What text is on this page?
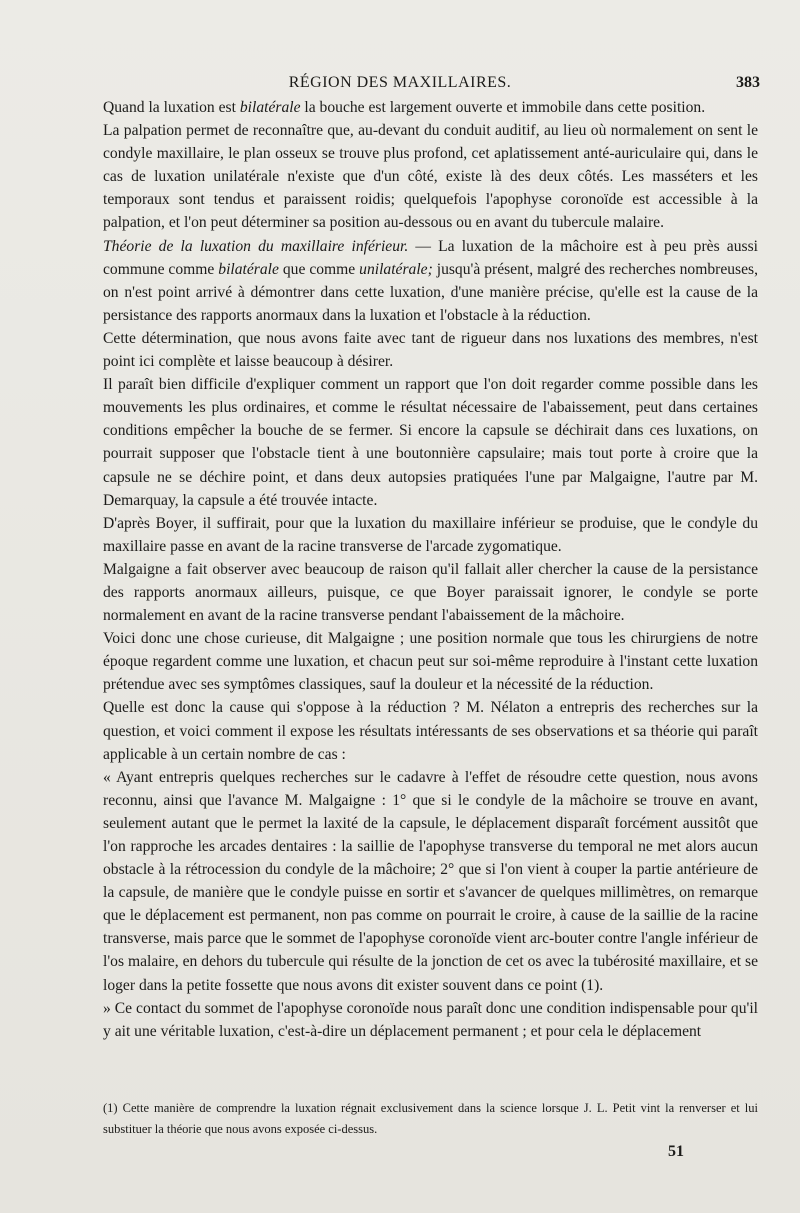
RÉGION DES MAXILLAIRES.	383

Quand la luxation est bilatérale la bouche est largement ouverte et immobile dans cette position.

La palpation permet de reconnaître que, au-devant du conduit auditif, au lieu où normalement on sent le condyle maxillaire, le plan osseux se trouve plus profond, cet aplatissement anté-auriculaire qui, dans le cas de luxation unilatérale n'existe que d'un côté, existe là des deux côtés. Les masséters et les temporaux sont tendus et paraissent roidis; quelquefois l'apophyse coronoïde est accessible à la palpation, et l'on peut déterminer sa position au-dessous ou en avant du tubercule malaire.

Théorie de la luxation du maxillaire inférieur. — La luxation de la mâchoire est à peu près aussi commune comme bilatérale que comme unilatérale; jusqu'à présent, malgré des recherches nombreuses, on n'est point arrivé à démontrer dans cette luxation, d'une manière précise, qu'elle est la cause de la persistance des rapports anormaux dans la luxation et l'obstacle à la réduction.

Cette détermination, que nous avons faite avec tant de rigueur dans nos luxations des membres, n'est point ici complète et laisse beaucoup à désirer.

Il paraît bien difficile d'expliquer comment un rapport que l'on doit regarder comme possible dans les mouvements les plus ordinaires, et comme le résultat nécessaire de l'abaissement, peut dans certaines conditions empêcher la bouche de se fermer. Si encore la capsule se déchirait dans ces luxations, on pourrait supposer que l'obstacle tient à une boutonnière capsulaire; mais tout porte à croire que la capsule ne se déchire point, et dans deux autopsies pratiquées l'une par Malgaigne, l'autre par M. Demarquay, la capsule a été trouvée intacte.

D'après Boyer, il suffirait, pour que la luxation du maxillaire inférieur se produise, que le condyle du maxillaire passe en avant de la racine transverse de l'arcade zygomatique.

Malgaigne a fait observer avec beaucoup de raison qu'il fallait aller chercher la cause de la persistance des rapports anormaux ailleurs, puisque, ce que Boyer paraissait ignorer, le condyle se porte normalement en avant de la racine transverse pendant l'abaissement de la mâchoire.

Voici donc une chose curieuse, dit Malgaigne ; une position normale que tous les chirurgiens de notre époque regardent comme une luxation, et chacun peut sur soi-même reproduire à l'instant cette luxation prétendue avec ses symptômes classiques, sauf la douleur et la nécessité de la réduction.

Quelle est donc la cause qui s'oppose à la réduction ? M. Nélaton a entrepris des recherches sur la question, et voici comment il expose les résultats intéressants de ses observations et sa théorie qui paraît applicable à un certain nombre de cas :

« Ayant entrepris quelques recherches sur le cadavre à l'effet de résoudre cette question, nous avons reconnu, ainsi que l'avance M. Malgaigne : 1° que si le condyle de la mâchoire se trouve en avant, seulement autant que le permet la laxité de la capsule, le déplacement disparaît forcément aussitôt que l'on rapproche les arcades dentaires : la saillie de l'apophyse transverse du temporal ne met alors aucun obstacle à la rétrocession du condyle de la mâchoire; 2° que si l'on vient à couper la partie antérieure de la capsule, de manière que le condyle puisse en sortir et s'avancer de quelques millimètres, on remarque que le déplacement est permanent, non pas comme on pourrait le croire, à cause de la saillie de la racine transverse, mais parce que le sommet de l'apophyse coronoïde vient arc-bouter contre l'angle inférieur de l'os malaire, en dehors du tubercule qui résulte de la jonction de cet os avec la tubérosité maxillaire, et se loger dans la petite fossette que nous avons dit exister souvent dans ce point (1).

» Ce contact du sommet de l'apophyse coronoïde nous paraît donc une condition indispensable pour qu'il y ait une véritable luxation, c'est-à-dire un déplacement permanent ; et pour cela le déplacement

(1) Cette manière de comprendre la luxation régnait exclusivement dans la science lorsque J. L. Petit vint la renverser et lui substituer la théorie que nous avons exposée ci-dessus.
51
